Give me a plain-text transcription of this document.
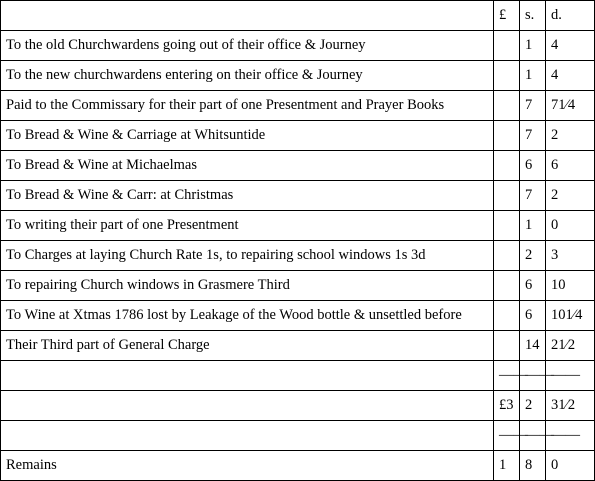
	£	s.	d.
To the old Churchwardens going out of their office & Journey		1	4
To the new churchwardens entering on their office & Journey		1	4
Paid to the Commissary for their part of one Presentment and Prayer Books		7	71⁄4
To Bread & Wine & Carriage at Whitsuntide		7	2
To Bread & Wine at Michaelmas		6	6
To Bread & Wine & Carr: at Christmas		7	2
To writing their part of one Presentment		1	0
To Charges at laying Church Rate 1s, to repairing school windows 1s 3d		2	3
To repairing Church windows in Grasmere Third		6	10
To Wine at Xtmas 1786 lost by Leakage of the Wood bottle & unsettled before		6	101⁄4
Their Third part of General Charge		14	21⁄2
	——	——	——
	£3	2	31⁄2
	——	——	——
Remains	1	8	0
